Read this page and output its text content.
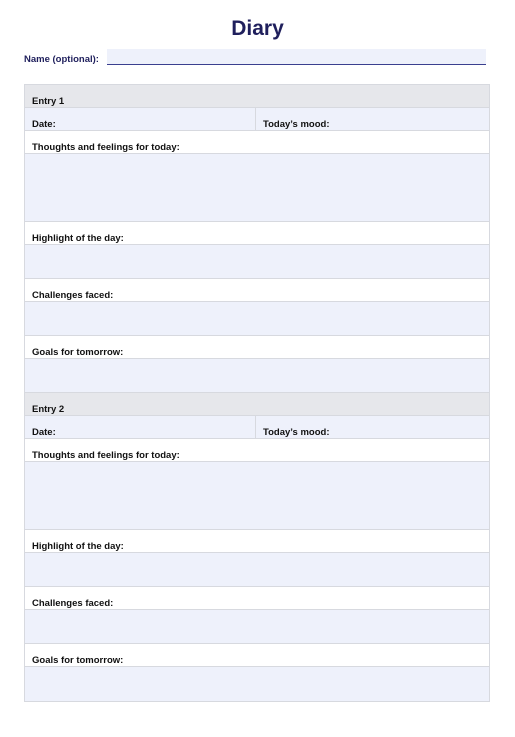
Diary
Name (optional):
Entry 1
Date:	Today’s mood:
Thoughts and feelings for today:
Highlight of the day:
Challenges faced:
Goals for tomorrow:
Entry 2
Date:	Today’s mood:
Thoughts and feelings for today:
Highlight of the day:
Challenges faced:
Goals for tomorrow:
